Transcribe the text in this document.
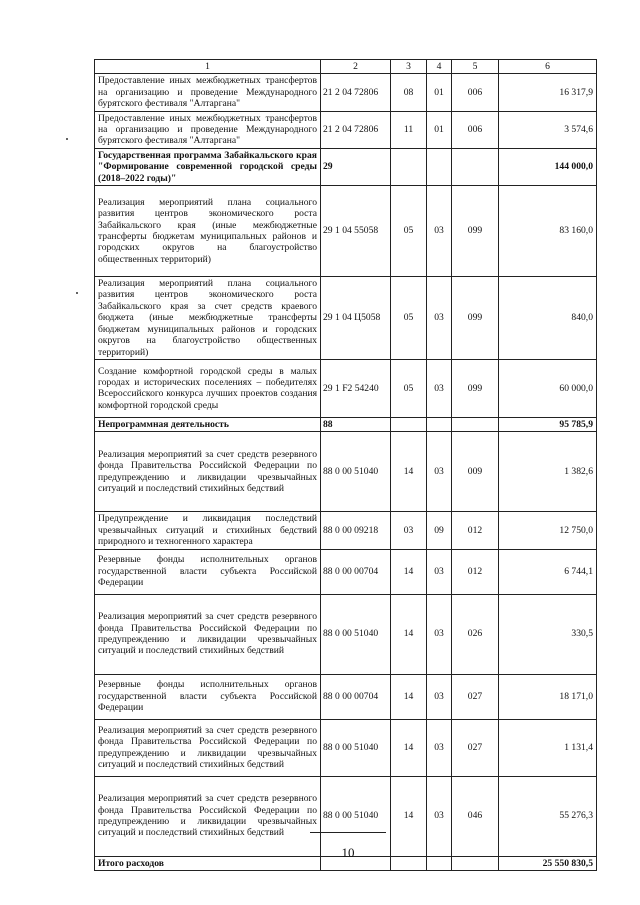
1	2	3	4	5	6
Предоставление иных межбюджетных трансфертов на организацию и проведение Международного бурятского фестиваля "Алтаргана"	21 2 04 72806	08	01	006	16 317,9
Предоставление иных межбюджетных трансфертов на организацию и проведение Международного бурятского фестиваля "Алтаргана"	21 2 04 72806	11	01	006	3 574,6
Государственная программа Забайкальского края "Формирование современной городской среды (2018–2022 годы)"	29				144 000,0
Реализация мероприятий плана социального развития центров экономического роста Забайкальского края (иные межбюджетные трансферты бюджетам муниципальных районов и городских округов на благоустройство общественных территорий)	29 1 04 55058	05	03	099	83 160,0
Реализация мероприятий плана социального развития центров экономического роста Забайкальского края за счет средств краевого бюджета (иные межбюджетные трансферты бюджетам муниципальных районов и городских округов на благоустройство общественных территорий)	29 1 04 Ц5058	05	03	099	840,0
Создание комфортной городской среды в малых городах и исторических поселениях – победителях Всероссийского конкурса лучших проектов создания комфортной городской среды	29 1 F2 54240	05	03	099	60 000,0
Непрограммная деятельность	88				95 785,9
Реализация мероприятий за счет средств резервного фонда Правительства Российской Федерации по предупреждению и ликвидации чрезвычайных ситуаций и последствий стихийных бедствий	88 0 00 51040	14	03	009	1 382,6
Предупреждение и ликвидация последствий чрезвычайных ситуаций и стихийных бедствий природного и техногенного характера	88 0 00 09218	03	09	012	12 750,0
Резервные фонды исполнительных органов государственной власти субъекта Российской Федерации	88 0 00 00704	14	03	012	6 744,1
Реализация мероприятий за счет средств резервного фонда Правительства Российской Федерации по предупреждению и ликвидации чрезвычайных ситуаций и последствий стихийных бедствий	88 0 00 51040	14	03	026	330,5
Резервные фонды исполнительных органов государственной власти субъекта Российской Федерации	88 0 00 00704	14	03	027	18 171,0
Реализация мероприятий за счет средств резервного фонда Правительства Российской Федерации по предупреждению и ликвидации чрезвычайных ситуаций и последствий стихийных бедствий	88 0 00 51040	14	03	027	1 131,4
Реализация мероприятий за счет средств резервного фонда Правительства Российской Федерации по предупреждению и ликвидации чрезвычайных ситуаций и последствий стихийных бедствий	88 0 00 51040	14	03	046	55 276,3
Итого расходов					25 550 830,5
10
